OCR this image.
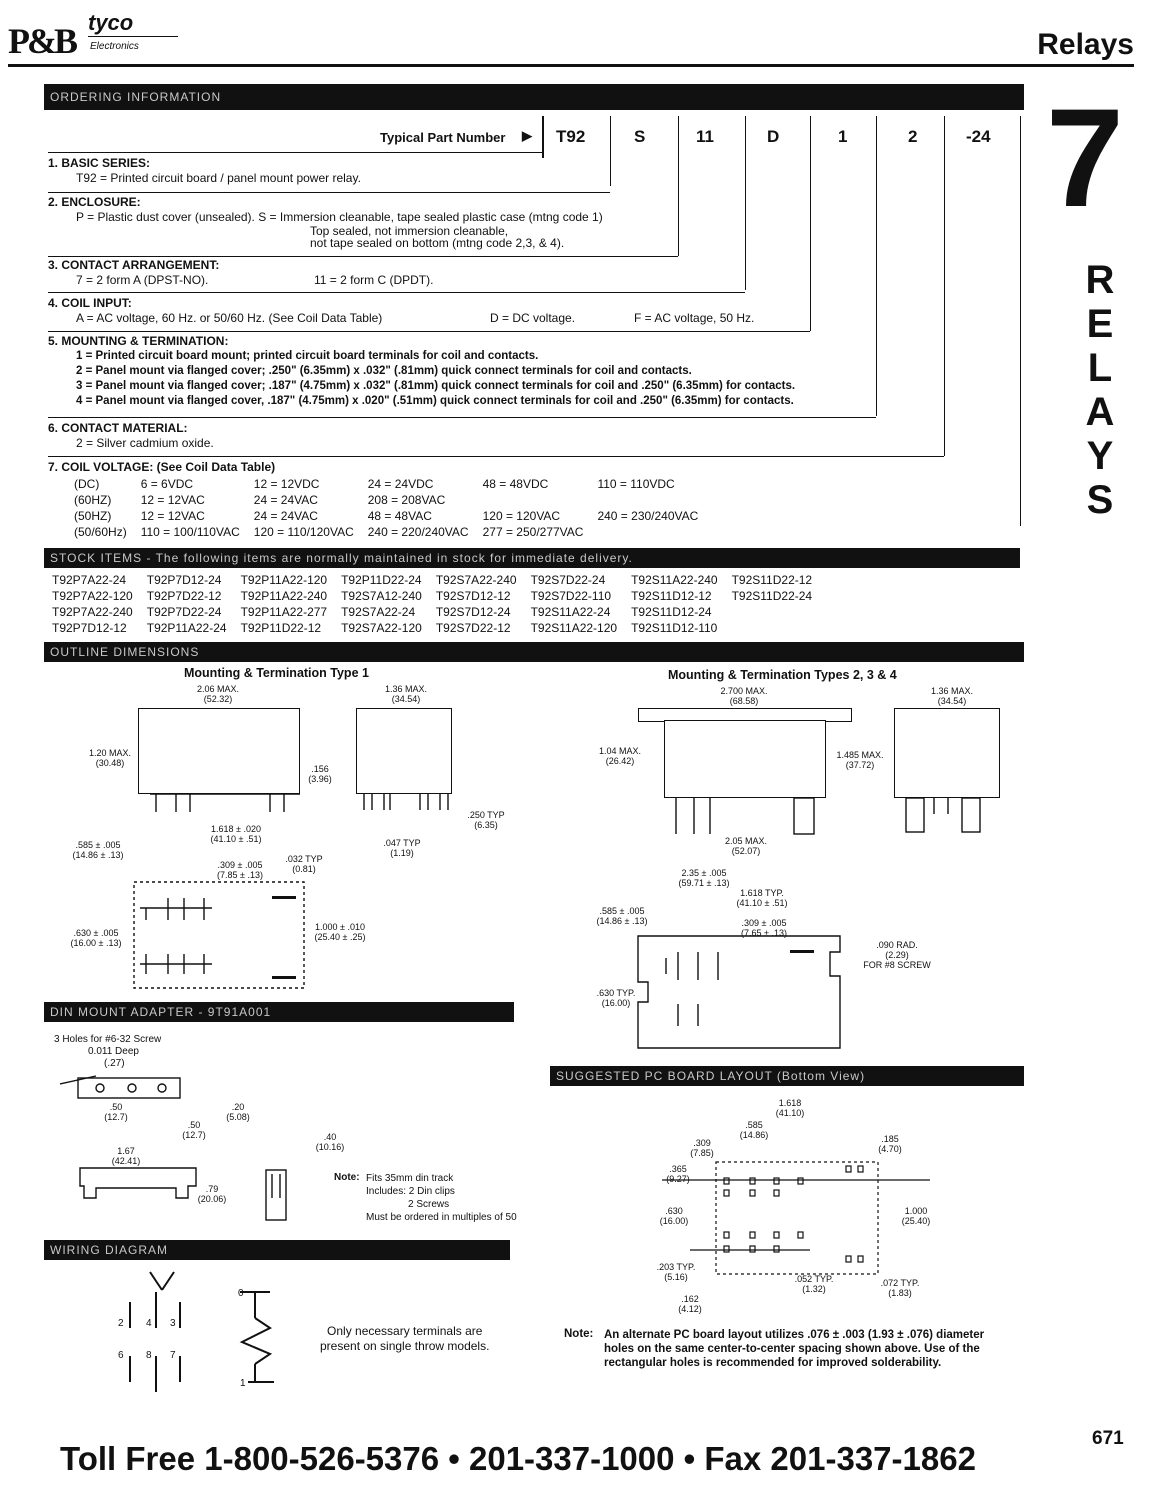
P&B tyco
Electronics	Relays
7
R
E
L
A
Y
S
ORDERING INFORMATION
Typical Part Number ▶ T92	S	11	D	1	2	-24
1. BASIC SERIES:
T92 = Printed circuit board / panel mount power relay.
2. ENCLOSURE:
P = Plastic dust cover (unsealed). S = Immersion cleanable, tape sealed plastic case (mtng code 1)
Top sealed, not immersion cleanable,
not tape sealed on bottom (mtng code 2,3, & 4).
3. CONTACT ARRANGEMENT:
7 = 2 form A (DPST-NO).	11 = 2 form C (DPDT).
4. COIL INPUT:
A = AC voltage, 60 Hz. or 50/60 Hz. (See Coil Data Table)	D = DC voltage.	F = AC voltage, 50 Hz.
5. MOUNTING & TERMINATION:
1 = Printed circuit board mount; printed circuit board terminals for coil and contacts.
2 = Panel mount via flanged cover; .250" (6.35mm) x .032" (.81mm) quick connect terminals for coil and contacts.
3 = Panel mount via flanged cover; .187" (4.75mm) x .032" (.81mm) quick connect terminals for coil and .250" (6.35mm) for contacts.
4 = Panel mount via flanged cover, .187" (4.75mm) x .020" (.51mm) quick connect terminals for coil and .250" (6.35mm) for contacts.
6. CONTACT MATERIAL:
2 = Silver cadmium oxide.
7. COIL VOLTAGE: (See Coil Data Table)
(DC)	6 = 6VDC	12 = 12VDC	24 = 24VDC	48 = 48VDC	110 = 110VDC	
(60HZ)	12 = 12VAC	24 = 24VAC	208 = 208VAC			
(50HZ)	12 = 12VAC	24 = 24VAC	48 = 48VAC	120 = 120VAC	240 = 230/240VAC	
(50/60Hz)	110 = 100/110VAC	120 = 110/120VAC	240 = 220/240VAC	277 = 250/277VAC		
STOCK ITEMS - The following items are normally maintained in stock for immediate delivery.
T92P7A22-24	T92P7D12-24	T92P11A22-120	T92P11D22-24	T92S7A22-240	T92S7D22-24	T92S11A22-240	T92S11D22-12
T92P7A22-120	T92P7D22-12	T92P11A22-240	T92S7A12-240	T92S7D12-12	T92S7D22-110	T92S11D12-12	T92S11D22-24
T92P7A22-240	T92P7D22-24	T92P11A22-277	T92S7A22-24	T92S7D12-24	T92S11A22-24	T92S11D12-24	
T92P7D12-12	T92P11A22-24	T92P11D22-12	T92S7A22-120	T92S7D22-12	T92S11A22-120	T92S11D12-110	
OUTLINE DIMENSIONS
Mounting & Termination Type 1	Mounting & Termination Types 2, 3 & 4
2.06 MAX.
(52.32)
1.36 MAX.
(34.54)
1.20 MAX.
(30.48)
.156
(3.96)
.250 TYP
(6.35)
1.618 ± .020
(41.10 ± .51)	.047 TYP
(1.19)
.585 ± .005
(14.86 ± .13)
.309 ± .005
(7.85 ± .13)
.032 TYP
(0.81)
.630 ± .005
(16.00 ± .13)
1.000 ± .010
(25.40 ± .25)
2.700 MAX.
(68.58)
1.36 MAX.
(34.54)
1.04 MAX.
(26.42)
1.485 MAX.
(37.72)
2.05 MAX.
(52.07)
2.35 ± .005
(59.71 ± .13)
1.618 TYP.
(41.10 ± .51)
.585 ± .005
(14.86 ± .13)	.309 ± .005
(7.65 ± .13)
.090 RAD.
(2.29)
FOR #8 SCREW
.630 TYP.
(16.00)
DIN MOUNT ADAPTER - 9T91A001
3 Holes for #6-32 Screw
0.011 Deep
(.27)
.50
(12.7)
.50
(12.7)
.20
(5.08)
.40
(10.16)
1.67
(42.41)
.79
(20.06)
Note: Fits 35mm din track
Includes: 2 Din clips
2 Screws
Must be ordered in multiples of 50
SUGGESTED PC BOARD LAYOUT (Bottom View)
1.618
(41.10)
.585
(14.86)
.309
(7.85)
.185
(4.70)
.365
(9.27)
.630
(16.00)
1.000
(25.40)
.203 TYP.
(5.16)	.052 TYP.
(1.32)
.072 TYP.
(1.83)
.162
(4.12)
Note: An alternate PC board layout utilizes .076 ± .003 (1.93 ± .076) diameter
holes on the same center-to-center spacing shown above. Use of the
rectangular holes is recommended for improved solderability.
WIRING DIAGRAM
2 4 3
6 8 7
0
1
Only necessary terminals are
present on single throw models.
671
Toll Free 1-800-526-5376 • 201-337-1000 • Fax 201-337-1862
